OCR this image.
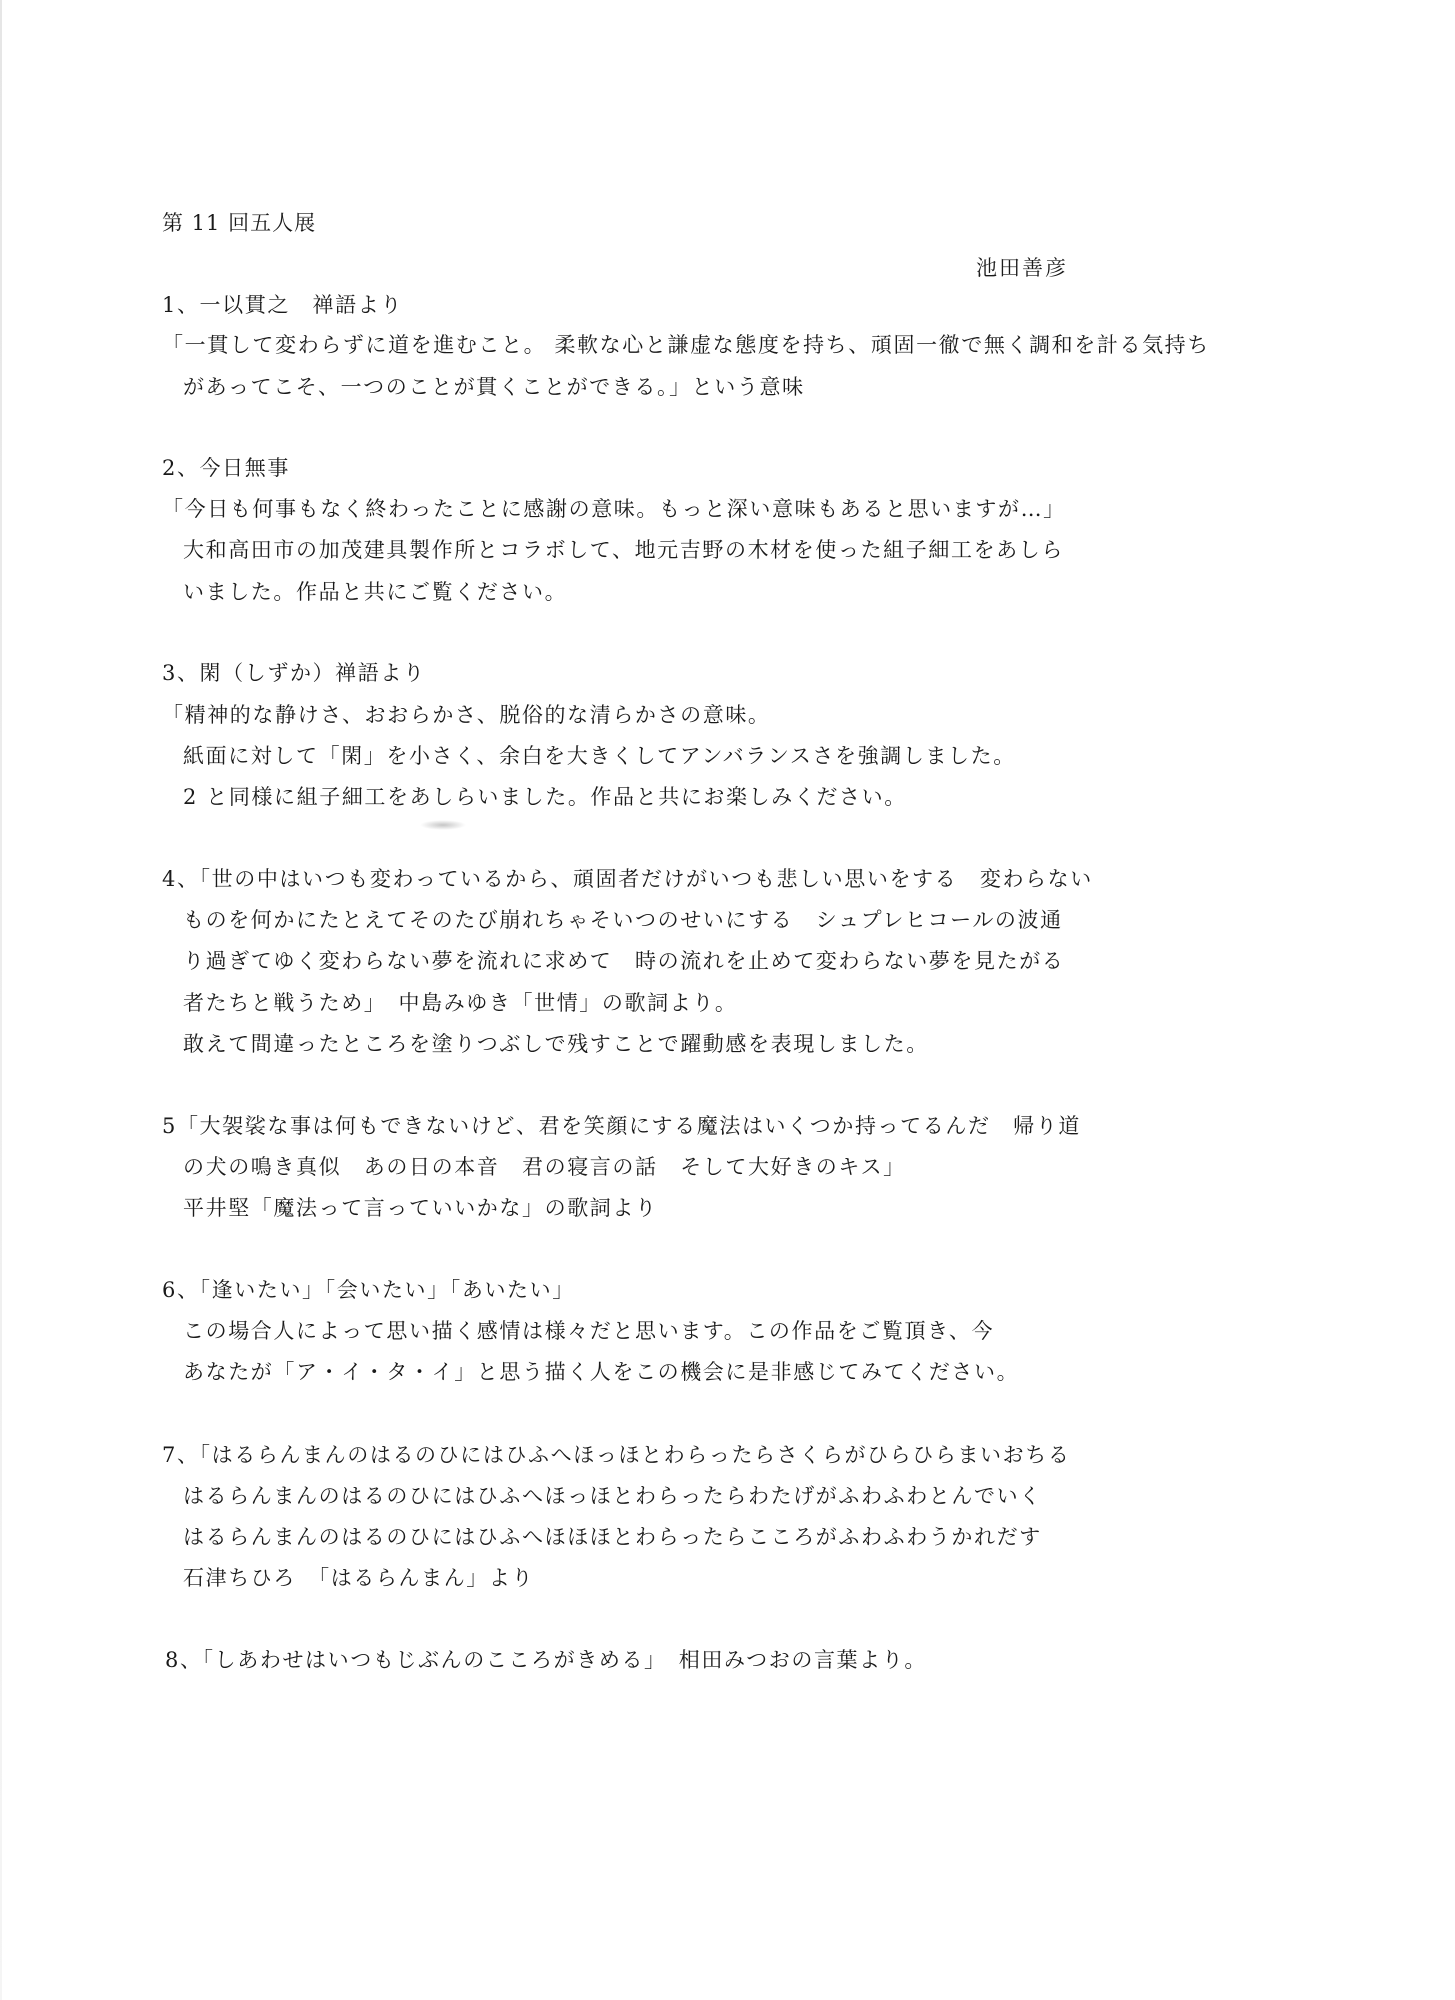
第 11 回五人展
池田善彦
1、一以貫之　禅語より
「一貫して変わらずに道を進むこと。 柔軟な心と謙虚な態度を持ち、頑固一徹で無く調和を計る気持ち
があってこそ、一つのことが貫くことができる。」という意味
2、今日無事
「今日も何事もなく終わったことに感謝の意味。もっと深い意味もあると思いますが…」
大和高田市の加茂建具製作所とコラボして、地元吉野の木材を使った組子細工をあしら
いました。作品と共にご覧ください。
3、閑（しずか）禅語より
「精神的な静けさ、おおらかさ、脱俗的な清らかさの意味。
紙面に対して「閑」を小さく、余白を大きくしてアンバランスさを強調しました。
2 と同様に組子細工をあしらいました。作品と共にお楽しみください。
4、「世の中はいつも変わっているから、頑固者だけがいつも悲しい思いをする　変わらない
ものを何かにたとえてそのたび崩れちゃそいつのせいにする　シュプレヒコールの波通
り過ぎてゆく変わらない夢を流れに求めて　時の流れを止めて変わらない夢を見たがる
者たちと戦うため」　中島みゆき「世情」の歌詞より。
敢えて間違ったところを塗りつぶしで残すことで躍動感を表現しました。
5「大袈裟な事は何もできないけど、君を笑顔にする魔法はいくつか持ってるんだ　帰り道
の犬の鳴き真似　あの日の本音　君の寝言の話　そして大好きのキス」
平井堅「魔法って言っていいかな」の歌詞より
6、「逢いたい」「会いたい」「あいたい」
この場合人によって思い描く感情は様々だと思います。この作品をご覧頂き、今
あなたが「ア・イ・タ・イ」と思う描く人をこの機会に是非感じてみてください。
7、「はるらんまんのはるのひにはひふへほっほとわらったらさくらがひらひらまいおちる
はるらんまんのはるのひにはひふへほっほとわらったらわたげがふわふわとんでいく
はるらんまんのはるのひにはひふへほほほとわらったらこころがふわふわうかれだす
石津ちひろ　「はるらんまん」より
8、「しあわせはいつもじぶんのこころがきめる」　相田みつおの言葉より。
